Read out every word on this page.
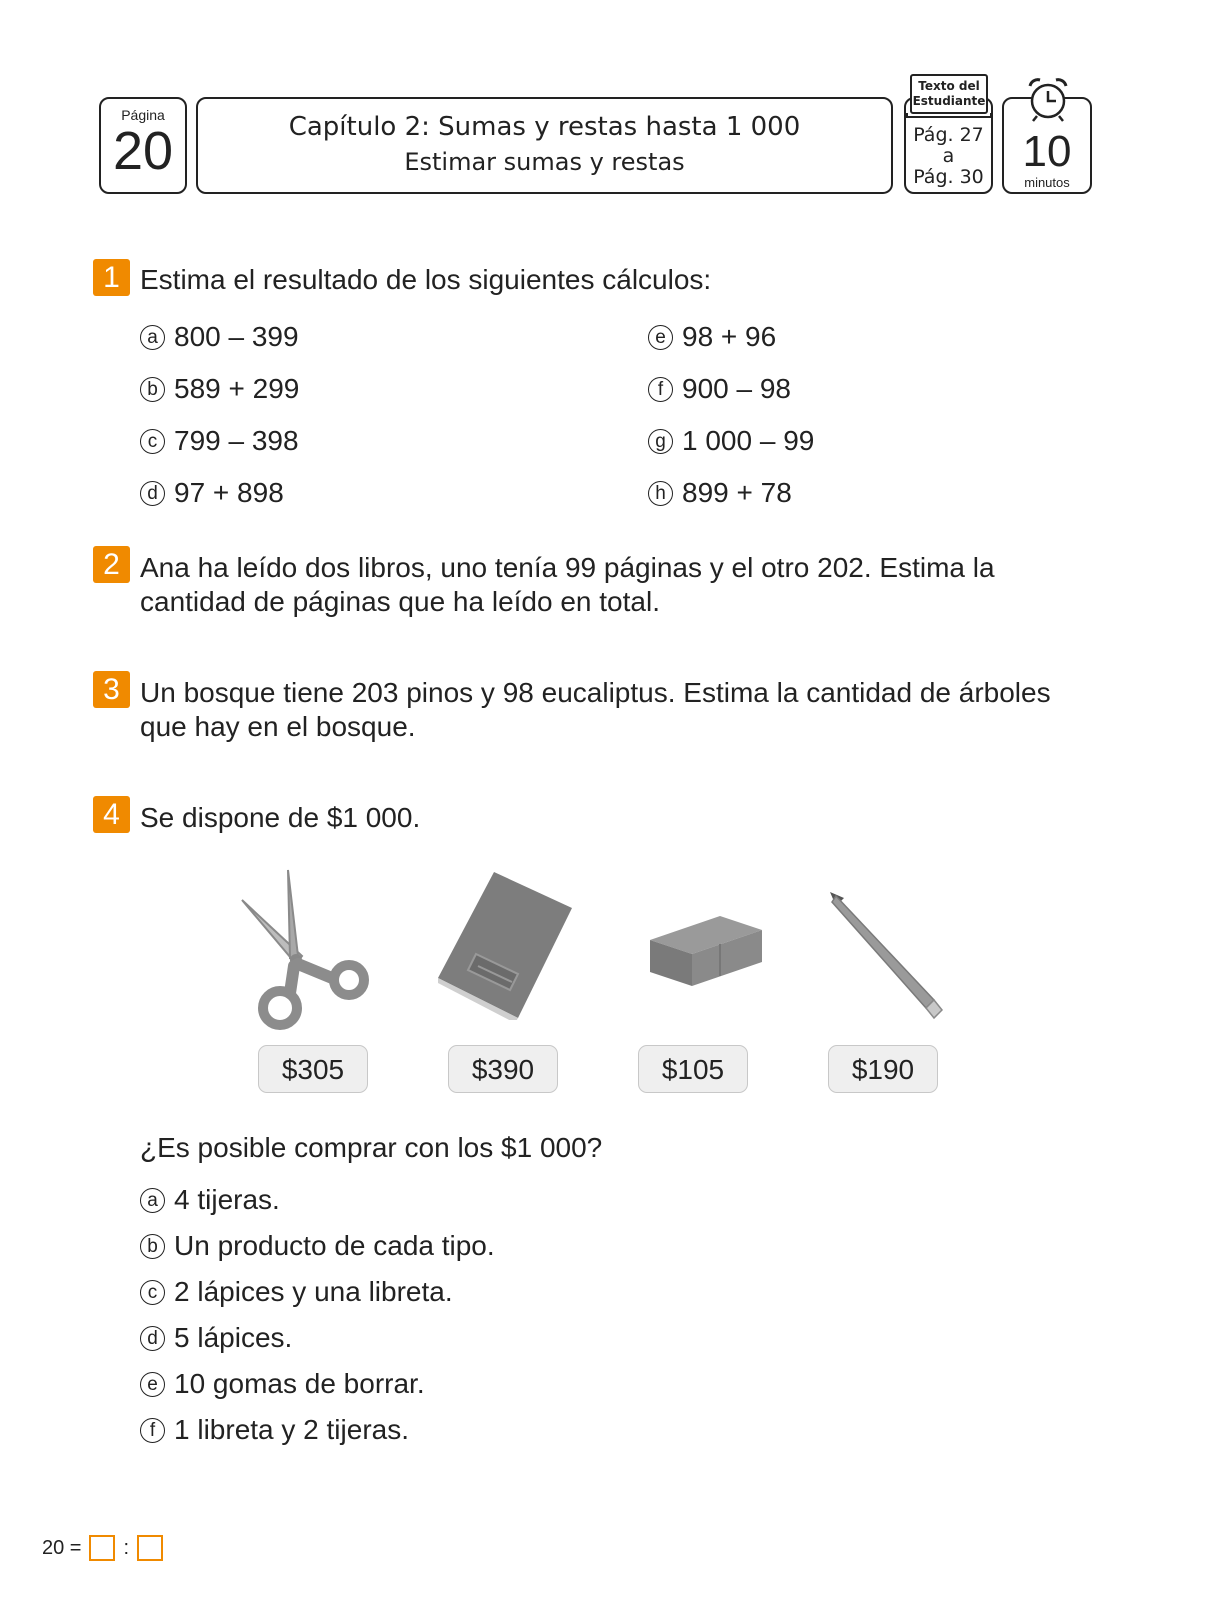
Página
20	Capítulo 2: Sumas y restas hasta 1 000
Estimar sumas y restas
Pág. 27
a
Pág. 30
Texto del Estudiante
10
minutos
1 Estima el resultado de los siguientes cálculos:
a 800 – 399
b 589 + 299
c 799 – 398
d 97 + 898
e 98 + 96
f 900 – 98
g 1 000 – 99
h 899 + 78
2 Ana ha leído dos libros, uno tenía 99 páginas y el otro 202. Estima la
cantidad de páginas que ha leído en total.
3 Un bosque tiene 203 pinos y 98 eucaliptus. Estima la cantidad de árboles
que hay en el bosque.
4 Se dispone de $1 000.
$305	$390	$105	$190
¿Es posible comprar con los $1 000?
a 4 tijeras.
b Un producto de cada tipo.
c 2 lápices y una libreta.
d 5 lápices.
e 10 gomas de borrar.
f 1 libreta y 2 tijeras.
20 = :
